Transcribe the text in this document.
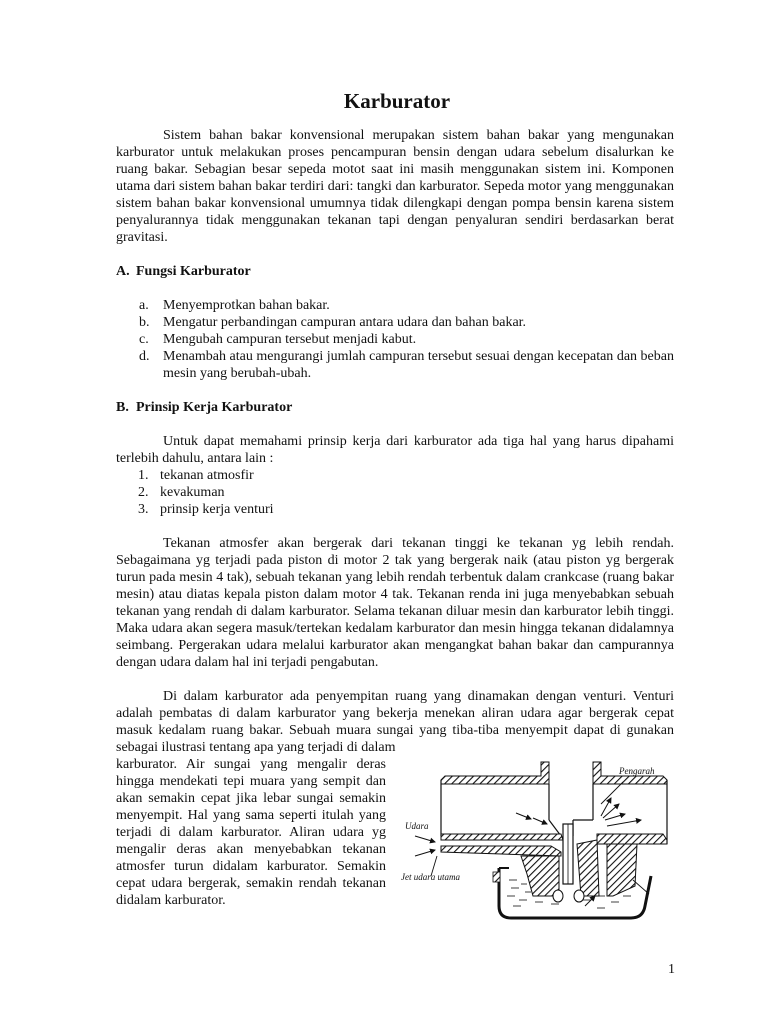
Karburator

Sistem bahan bakar konvensional merupakan sistem bahan bakar yang mengunakan karburator untuk melakukan proses pencampuran bensin dengan udara sebelum disalurkan ke ruang bakar. Sebagian besar sepeda motot saat ini masih menggunakan sistem ini. Komponen utama dari sistem bahan bakar terdiri dari: tangki dan karburator. Sepeda motor yang menggunakan sistem bahan bakar konvensional umumnya tidak dilengkapi dengan pompa bensin karena sistem penyalurannya tidak menggunakan tekanan tapi dengan penyaluran sendiri berdasarkan berat gravitasi.

A. Fungsi Karburator
a.	Menyemprotkan bahan bakar.
b. Mengatur perbandingan campuran antara udara dan bahan bakar.
c.	Mengubah campuran tersebut menjadi kabut.
d. Menambah atau mengurangi jumlah campuran tersebut sesuai dengan kecepatan dan beban mesin yang berubah-ubah.
B. Prinsip Kerja Karburator

Untuk dapat memahami prinsip kerja dari karburator ada tiga hal yang harus dipahami terlebih dahulu, antara lain :

1. tekanan atmosfir
2. kevakuman
3. prinsip kerja venturi

Tekanan atmosfer akan bergerak dari tekanan tinggi ke tekanan yg lebih rendah. Sebagaimana yg terjadi pada piston di motor 2 tak yang bergerak naik (atau piston yg bergerak turun pada mesin 4 tak), sebuah tekanan yang lebih rendah terbentuk dalam crankcase (ruang bakar mesin) atau diatas kepala piston dalam motor 4 tak. Tekanan renda ini juga menyebabkan sebuah tekanan yang rendah di dalam karburator. Selama tekanan diluar mesin dan karburator lebih tinggi. Maka udara akan segera masuk/tertekan kedalam karburator dan mesin hingga tekanan didalamnya seimbang. Pergerakan udara melalui karburator akan mengangkat bahan bakar dan campurannya dengan udara dalam hal ini terjadi pengabutan.

Di dalam karburator ada penyempitan ruang yang dinamakan dengan venturi. Venturi adalah pembatas di dalam karburator yang bekerja menekan aliran udara agar bergerak cepat masuk kedalam ruang bakar. Sebuah muara sungai yang tiba-tiba menyempit dapat di gunakan sebagai ilustrasi tentang apa yang terjadi di dalam

karburator. Air sungai yang mengalir deras hingga mendekati tepi muara yang sempit dan akan semakin cepat jika lebar sungai semakin menyempit. Hal yang sama seperti itulah yang terjadi di dalam karburator. Aliran udara yg mengalir deras akan menyebabkan tekanan atmosfer turun didalam karburator. Semakin cepat udara bergerak, semakin rendah tekanan didalam karburator.

Pengarah
Udara
Jet udara utama
1
